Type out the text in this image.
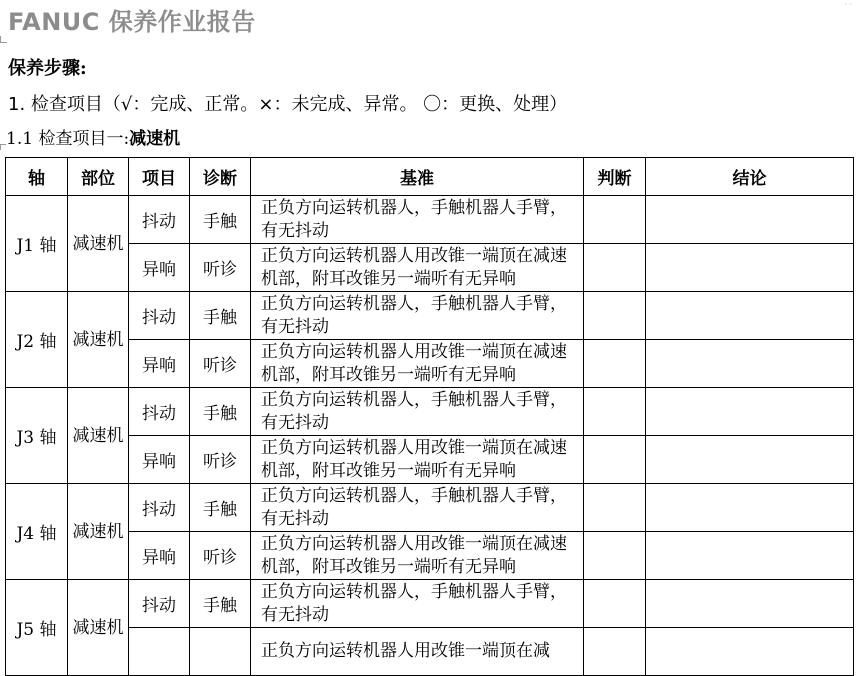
· ·
FANUC 保养作业报告

保养步骤:

1. 检查项目（√：完成、正常。×：未完成、异常。 〇：更换、处理）

1.1 检查项目一:减速机

轴	部位	项目	诊断	基准	判断	结论
J1 轴	减速机	抖动	手触	正负方向运转机器人，手触机器人手臂，有无抖动		
		异响	听诊	正负方向运转机器人用改锥一端顶在减速机部，附耳改锥另一端听有无异响		
J2 轴	减速机	抖动	手触	正负方向运转机器人，手触机器人手臂，有无抖动		
		异响	听诊	正负方向运转机器人用改锥一端顶在减速机部，附耳改锥另一端听有无异响		
J3 轴	减速机	抖动	手触	正负方向运转机器人，手触机器人手臂，有无抖动		
		异响	听诊	正负方向运转机器人用改锥一端顶在减速机部，附耳改锥另一端听有无异响		
J4 轴	减速机	抖动	手触	正负方向运转机器人，手触机器人手臂，有无抖动		
		异响	听诊	正负方向运转机器人用改锥一端顶在减速机部，附耳改锥另一端听有无异响		
J5 轴	减速机	抖动	手触	正负方向运转机器人，手触机器人手臂，有无抖动		
				正负方向运转机器人用改锥一端顶在减		
